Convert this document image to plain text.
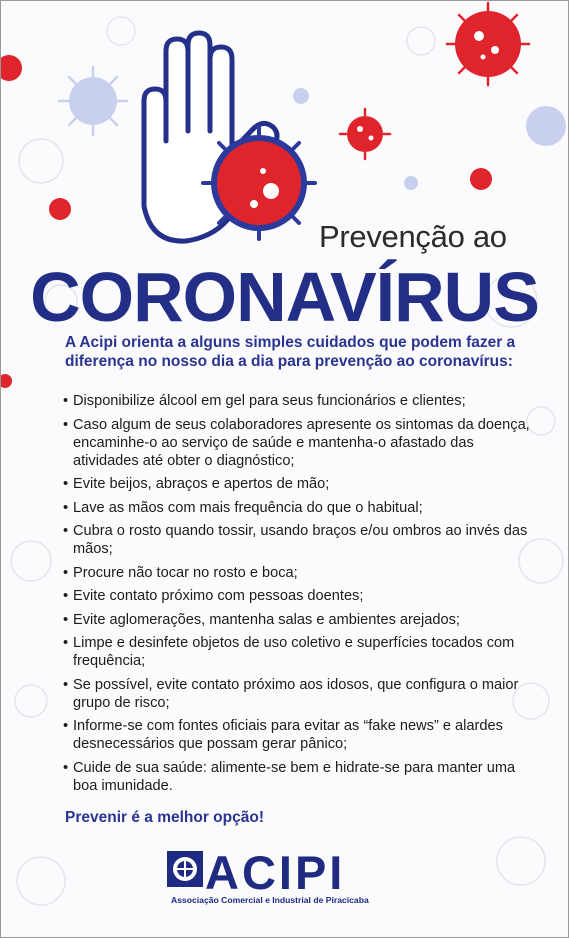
Prevenção ao
CORONAVÍRUS
A Acipi orienta a alguns simples cuidados que podem fazer a diferença no nosso dia a dia para prevenção ao coronavírus:
• Disponibilize álcool em gel para seus funcionários e clientes;
• Caso algum de seus colaboradores apresente os sintomas da doença, encaminhe-o ao serviço de saúde e mantenha-o afastado das atividades até obter o diagnóstico;
• Evite beijos, abraços e apertos de mão;
• Lave as mãos com mais frequência do que o habitual;
• Cubra o rosto quando tossir, usando braços e/ou ombros ao invés das mãos;
• Procure não tocar no rosto e boca;
• Evite contato próximo com pessoas doentes;
• Evite aglomerações, mantenha salas e ambientes arejados;
• Limpe e desinfete objetos de uso coletivo e superfícies tocados com frequência;
• Se possível, evite contato próximo aos idosos, que configura o maior grupo de risco;
• Informe-se com fontes oficiais para evitar as “fake news” e alardes desnecessários que possam gerar pânico;
• Cuide de sua saúde: alimente-se bem e hidrate-se para manter uma boa imunidade.
Prevenir é a melhor opção!
ACIPI
Associação Comercial e Industrial de Piracicaba
